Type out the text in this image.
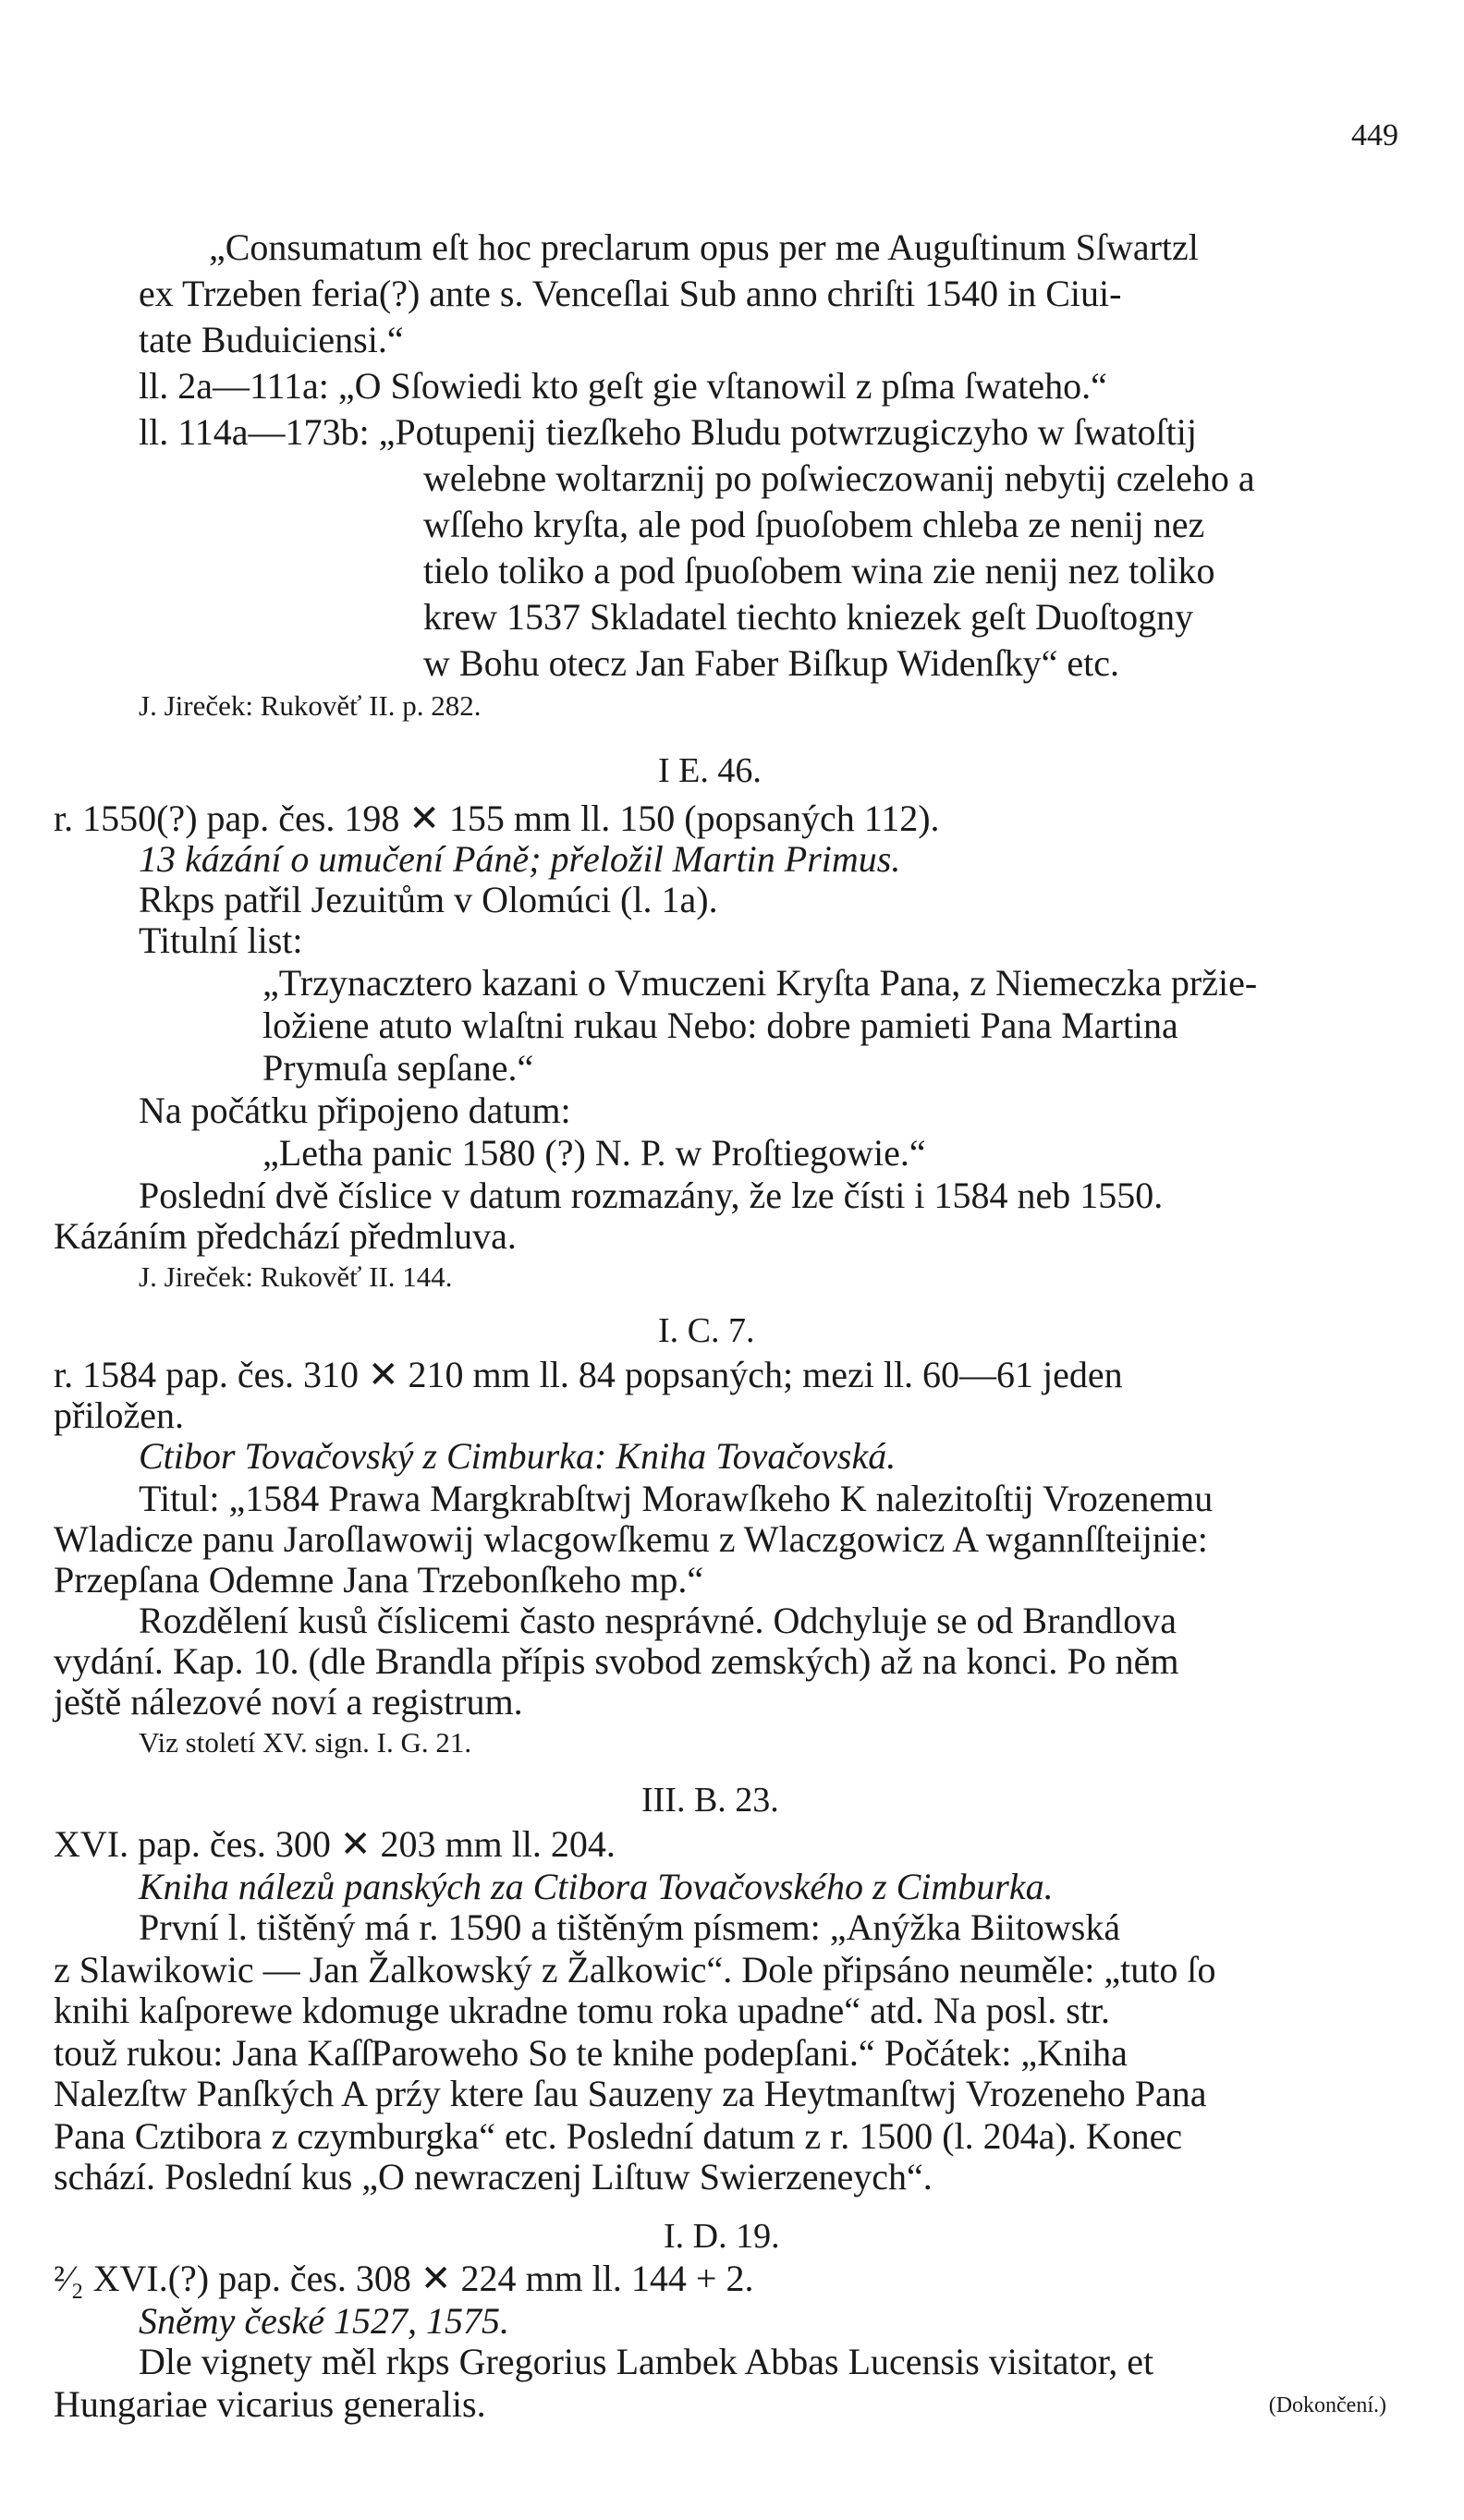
449
„Consumatum eſt hoc preclarum opus per me Auguſtinum Sſwartzl
ex Trzeben feria(?) ante s. Venceſlai Sub anno chriſti 1540 in Ciui-
tate Buduiciensi.“
ll. 2a—111a: „O Sſowiedi kto geſt gie vſtanowil z pſma ſwateho.“
ll. 114a—173b: „Potupenij tiezſkeho Bludu potwrzugiczyho w ſwatoſtij
welebne woltarznij po poſwieczowanij nebytij czeleho a
wſſeho kryſta, ale pod ſpuoſobem chleba ze nenij nez
tielo toliko a pod ſpuoſobem wina zie nenij nez toliko
krew 1537 Skladatel tiechto kniezek geſt Duoſtogny
w Bohu otecz Jan Faber Biſkup Widenſky“ etc.
J. Jireček: Rukověť II. p. 282.
I E. 46.
r. 1550(?) pap. čes. 198 ✕ 155 mm ll. 150 (popsaných 112).
13 kázání o umučení Páně; přeložil Martin Primus.
Rkps patřil Jezuitům v Olomúci (l. 1a).
Titulní list:
„Trzynacztero kazani o Vmuczeni Kryſta Pana, z Niemeczka pržie-
ložiene atuto wlaſtni rukau Nebo: dobre pamieti Pana Martina
Prymuſa sepſane.“
Na počátku připojeno datum:
„Letha panic 1580 (?) N. P. w Proſtiegowie.“
Poslední dvě číslice v datum rozmazány, že lze čísti i 1584 neb 1550.
Kázáním předchází předmluva.
J. Jireček: Rukověť II. 144.
I. C. 7.
r. 1584 pap. čes. 310 ✕ 210 mm ll. 84 popsaných; mezi ll. 60—61 jeden
přiložen.
Ctibor Tovačovský z Cimburka: Kniha Tovačovská.
Titul: „1584 Prawa Margkrabſtwj Morawſkeho K nalezitoſtij Vrozenemu
Wladicze panu Jaroſlawowij wlacgowſkemu z Wlaczgowicz A wgannſſteijnie:
Przepſana Odemne Jana Trzebonſkeho mp.“
Rozdělení kusů číslicemi často nesprávné. Odchyluje se od Brandlova
vydání. Kap. 10. (dle Brandla přípis svobod zemských) až na konci. Po něm
ještě nálezové noví a registrum.
Viz století XV. sign. I. G. 21.
III. B. 23.
XVI. pap. čes. 300 ✕ 203 mm ll. 204.
Kniha nálezů panských za Ctibora Tovačovského z Cimburka.
První l. tištěný má r. 1590 a tištěným písmem: „Anýžka Biitowská
z Slawikowic — Jan Žalkowský z Žalkowic“. Dole připsáno neuměle: „tuto ſo
knihi kaſporewe kdomuge ukradne tomu roka upadne“ atd. Na posl. str.
touž rukou: Jana KaſſParoweho So te knihe podepſani.“ Počátek: „Kniha
Nalezſtw Panſkých A prźy ktere ſau Sauzeny za Heytmanſtwj Vrozeneho Pana
Pana Cztibora z czymburgka“ etc. Poslední datum z r. 1500 (l. 204a). Konec
schází. Poslední kus „O newraczenj Liſtuw Swierzeneych“.
I. D. 19.
²⁄₂ XVI.(?) pap. čes. 308 ✕ 224 mm ll. 144 + 2.
Sněmy české 1527, 1575.
Dle vignety měl rkps Gregorius Lambek Abbas Lucensis visitator, et
Hungariae vicarius generalis.	(Dokončení.)
